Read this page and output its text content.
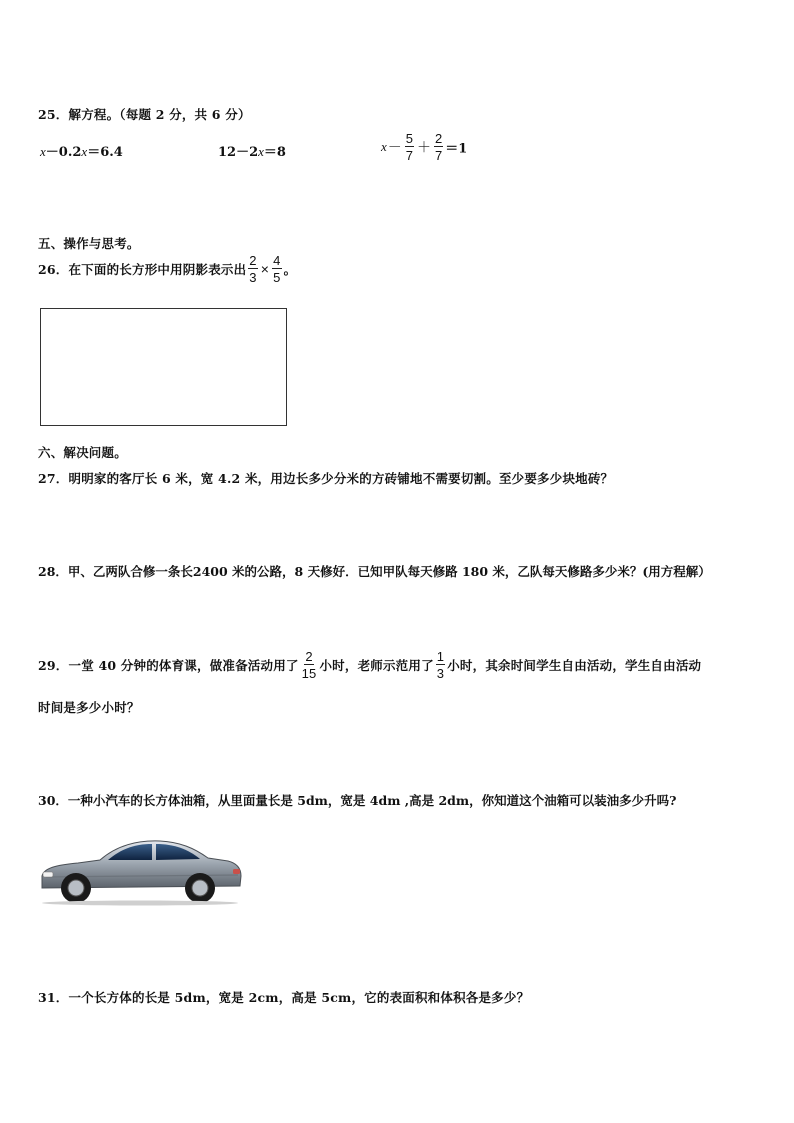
25．解方程。（每题 2 分，共 6 分）
x－0.2x＝6.4	12－2x＝8	$x- \frac{5}{7} + \frac{2}{7} =1$
五、操作与思考。
26．在下面的长方形中用阴影表示出 $\frac{2}{3} \times \frac{4}{5}$ 。
六、解决问题。
27．明明家的客厅长 6 米，宽 4.2 米，用边长多少分米的方砖铺地不需要切割。至少要多少块地砖？
28．甲、乙两队合修一条长2400 米的公路，8 天修好．已知甲队每天修路 180 米，乙队每天修路多少米？(用方程解）
29．一堂 40 分钟的体育课，做准备活动用了 $\frac{2}{15}$ 小时，老师示范用了 $\frac{1}{3}$ 小时，其余时间学生自由活动，学生自由活动
时间是多少小时？
30．一种小汽车的长方体油箱，从里面量长是 5dm，宽是 4dm ,高是 2dm，你知道这个油箱可以装油多少升吗?
31．一个长方体的长是 5dm，宽是 2cm，高是 5cm，它的表面积和体积各是多少？
